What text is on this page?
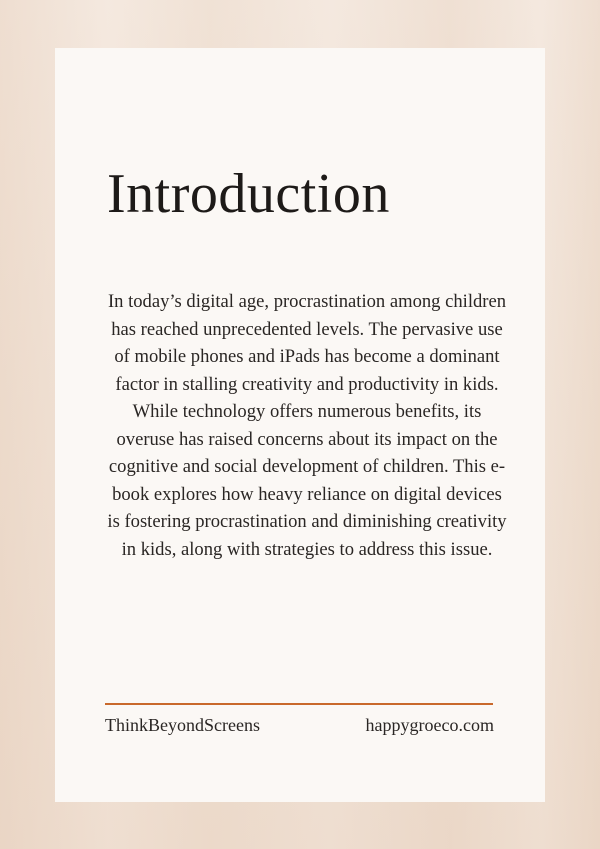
Introduction

In today’s digital age, procrastination among children has reached unprecedented levels. The pervasive use of mobile phones and iPads has become a dominant factor in stalling creativity and productivity in kids. While technology offers numerous benefits, its overuse has raised concerns about its impact on the cognitive and social development of children. This e-book explores how heavy reliance on digital devices is fostering procrastination and diminishing creativity in kids, along with strategies to address this issue.

ThinkBeyondScreens	happygroeco.com
